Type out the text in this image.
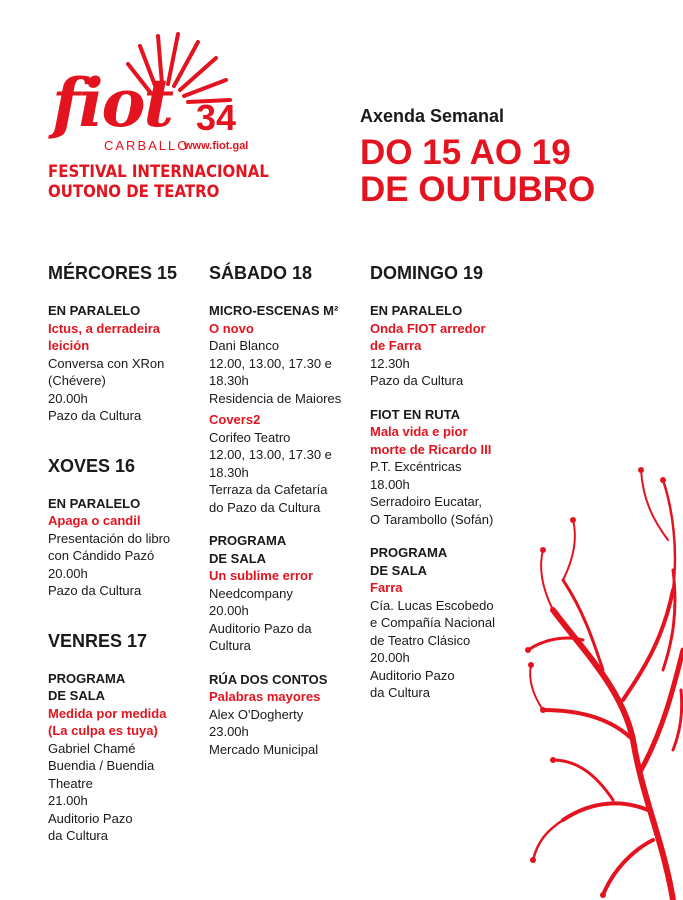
fiot 34
CARBALLO
www.fiot.gal
FESTIVAL INTERNACIONAL
OUTONO DE TEATRO
Axenda Semanal
DO 15 AO 19
DE OUTUBRO
MÉRCORES 15
EN PARALELO
Ictus, a derradeira
leición
Conversa con XRon
(Chévere)
20.00h
Pazo da Cultura
XOVES 16
EN PARALELO
Apaga o candil
Presentación do libro
con Cándido Pazó
20.00h
Pazo da Cultura
VENRES 17
PROGRAMA DE SALA
Medida por medida
(La culpa es tuya)
Gabriel Chamé
Buendia / Buendia
Theatre
21.00h
Auditorio Pazo
da Cultura
SÁBADO 18
MICRO-ESCENAS M²
O novo
Dani Blanco
12.00, 13.00, 17.30 e
18.30h
Residencia de Maiores
Covers2
Corifeo Teatro
12.00, 13.00, 17.30 e
18.30h
Terraza da Cafetaría
do Pazo da Cultura
PROGRAMA DE SALA
Un sublime error
Needcompany
20.00h
Auditorio Pazo da
Cultura
RÚA DOS CONTOS
Palabras mayores
Alex O'Dogherty
23.00h
Mercado Municipal
DOMINGO 19
EN PARALELO
Onda FIOT arredor
de Farra
12.30h
Pazo da Cultura
FIOT EN RUTA
Mala vida e pior
morte de Ricardo III
P.T. Excéntricas
18.00h
Serradoiro Eucatar,
O Tarambollo (Sofán)
PROGRAMA DE SALA
Farra
Cía. Lucas Escobedo
e Compañía Nacional
de Teatro Clásico
20.00h
Auditorio Pazo
da Cultura
